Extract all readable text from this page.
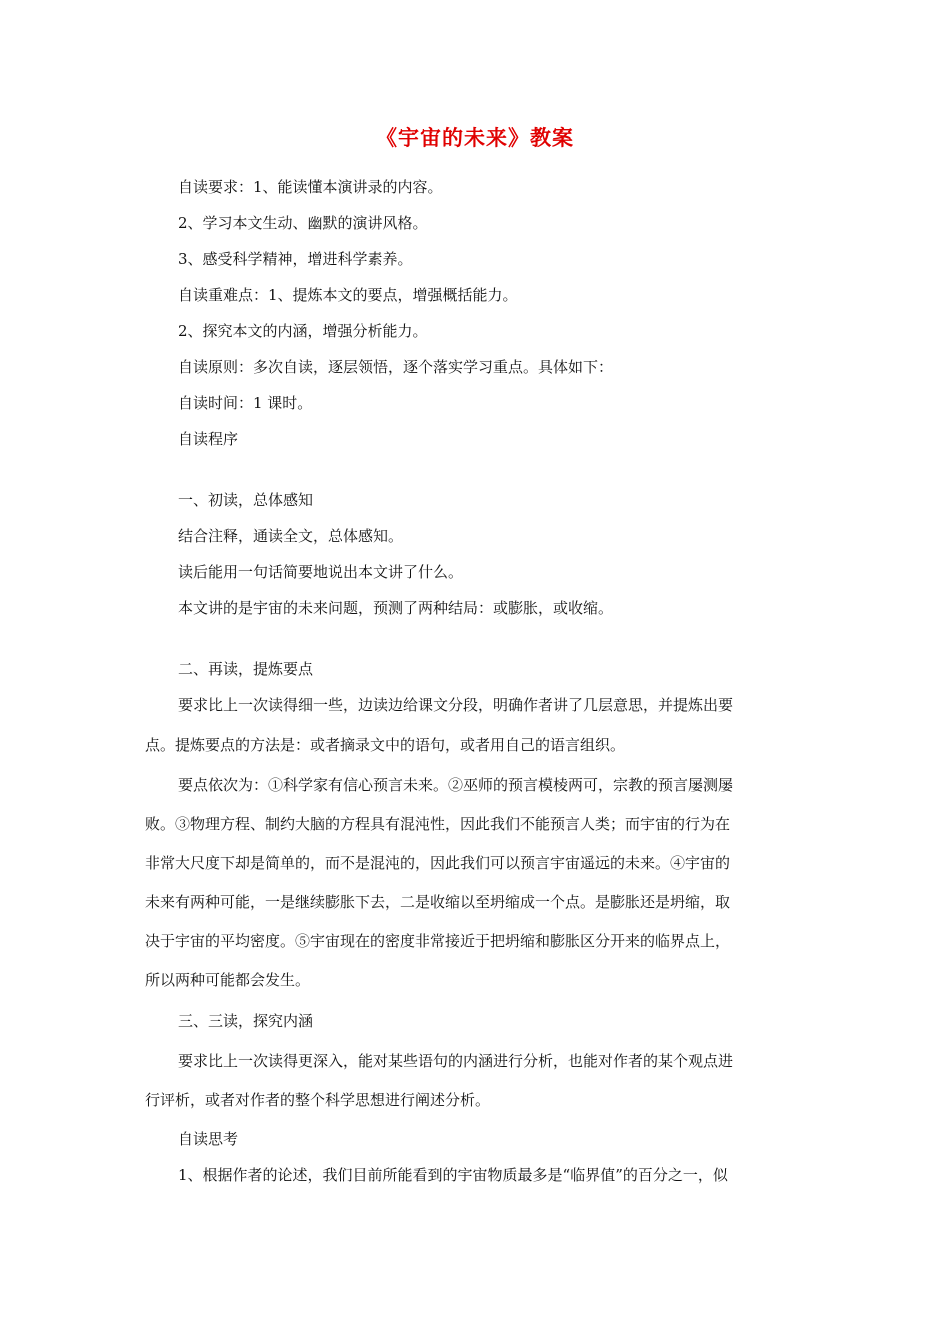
《宇宙的未来》教案
自读要求：1、能读懂本演讲录的内容。
2、学习本文生动、幽默的演讲风格。
3、感受科学精神，增进科学素养。
自读重难点：1、提炼本文的要点，增强概括能力。
2、探究本文的内涵，增强分析能力。
自读原则：多次自读，逐层领悟，逐个落实学习重点。具体如下：
自读时间：1 课时。
自读程序
一、初读，总体感知
结合注释，通读全文，总体感知。
读后能用一句话简要地说出本文讲了什么。
本文讲的是宇宙的未来问题，预测了两种结局：或膨胀，或收缩。
二、再读，提炼要点
要求比上一次读得细一些，边读边给课文分段，明确作者讲了几层意思，并提炼出要
点。提炼要点的方法是：或者摘录文中的语句，或者用自己的语言组织。
要点依次为：①科学家有信心预言未来。②巫师的预言模棱两可，宗教的预言屡测屡
败。③物理方程、制约大脑的方程具有混沌性，因此我们不能预言人类；而宇宙的行为在
非常大尺度下却是简单的，而不是混沌的，因此我们可以预言宇宙遥远的未来。④宇宙的
未来有两种可能，一是继续膨胀下去，二是收缩以至坍缩成一个点。是膨胀还是坍缩，取
决于宇宙的平均密度。⑤宇宙现在的密度非常接近于把坍缩和膨胀区分开来的临界点上，
所以两种可能都会发生。
三、三读，探究内涵
要求比上一次读得更深入，能对某些语句的内涵进行分析，也能对作者的某个观点进
行评析，或者对作者的整个科学思想进行阐述分析。
自读思考
1、根据作者的论述，我们目前所能看到的宇宙物质最多是“临界值”的百分之一，似
